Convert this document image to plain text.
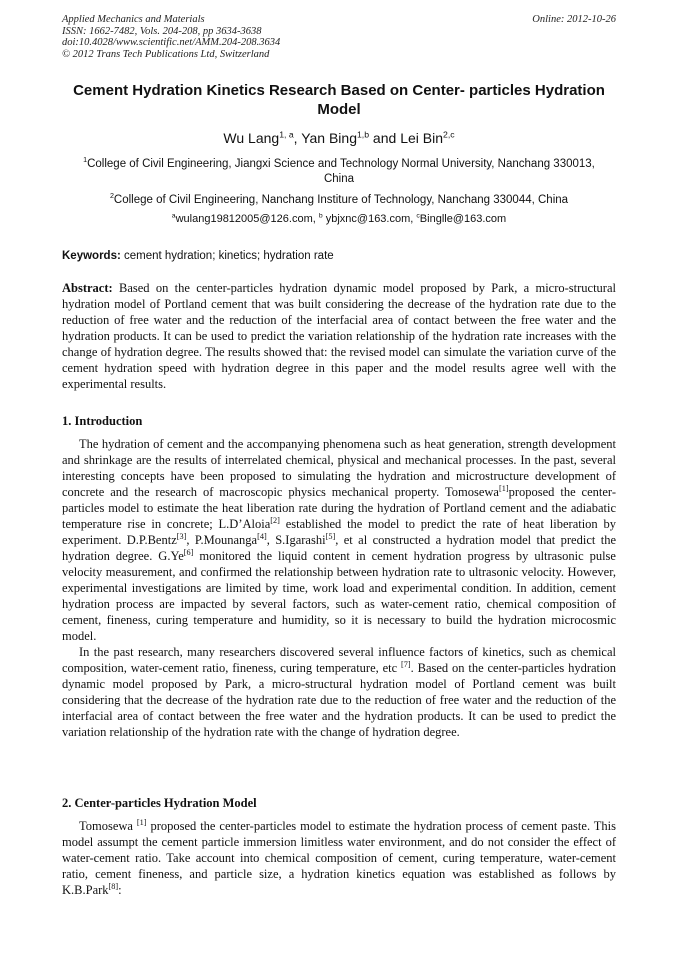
Applied Mechanics and Materials
ISSN: 1662-7482, Vols. 204-208, pp 3634-3638
doi:10.4028/www.scientific.net/AMM.204-208.3634
© 2012 Trans Tech Publications Ltd, Switzerland
Online: 2012-10-26
Cement Hydration Kinetics Research Based on Center- particles Hydration Model
Wu Lang$^{1, a}$, Yan Bing$^{1,b}$ and Lei Bin$^{2,c}$
$^1$College of Civil Engineering, Jiangxi Science and Technology Normal University, Nanchang 330013, China
$^2$College of Civil Engineering, Nanchang Institure of Technology, Nanchang 330044, China
$^a$wulang19812005@126.com, $^b$ ybjxnc@163.com, $^c$Binglle@163.com
Keywords: cement hydration; kinetics; hydration rate

Abstract: Based on the center-particles hydration dynamic model proposed by Park, a micro-structural hydration model of Portland cement that was built considering the decrease of the hydration rate due to the reduction of free water and the reduction of the interfacial area of contact between the free water and the hydration products. It can be used to predict the variation relationship of the hydration rate increases with the change of hydration degree. The results showed that: the revised model can simulate the variation curve of the cement hydration speed with hydration degree in this paper and the model results agree well with the experimental results.

1. Introduction

The hydration of cement and the accompanying phenomena such as heat generation, strength development and shrinkage are the results of interrelated chemical, physical and mechanical processes. In the past, several interesting concepts have been proposed to simulating the hydration and microstructure development of concrete and the research of macroscopic physics mechanical property. Tomosewa[1]proposed the center-particles model to estimate the heat liberation rate during the hydration of Portland cement and the adiabatic temperature rise in concrete; L.D’Aloia[2] established the model to predict the rate of heat liberation by experiment. D.P.Bentz[3], P.Mounanga[4], S.Igarashi[5], et al constructed a hydration model that predict the hydration degree. G.Ye[6] monitored the liquid content in cement hydration progress by ultrasonic pulse velocity measurement, and confirmed the relationship between hydration rate to ultrasonic velocity. However, experimental investigations are limited by time, work load and experimental condition. In addition, cement hydration process are impacted by several factors, such as water-cement ratio, chemical composition of cement, fineness, curing temperature and humidity, so it is necessary to build the hydration microcosmic model.

In the past research, many researchers discovered several influence factors of kinetics, such as chemical composition, water-cement ratio, fineness, curing temperature, etc [7]. Based on the center-particles hydration dynamic model proposed by Park, a micro-structural hydration model of Portland cement was built considering that the decrease of the hydration rate due to the reduction of free water and the reduction of the interfacial area of contact between the free water and the hydration products. It can be used to predict the variation relationship of the hydration rate with the change of hydration degree.

2. Center-particles Hydration Model

Tomosewa [1] proposed the center-particles model to estimate the hydration process of cement paste. This model assumpt the cement particle immersion limitless water environment, and do not consider the effect of water-cement ratio. Take account into chemical composition of cement, curing temperature, water-cement ratio, cement fineness, and particle size, a hydration kinetics equation was established as follows by K.B.Park[8]:
